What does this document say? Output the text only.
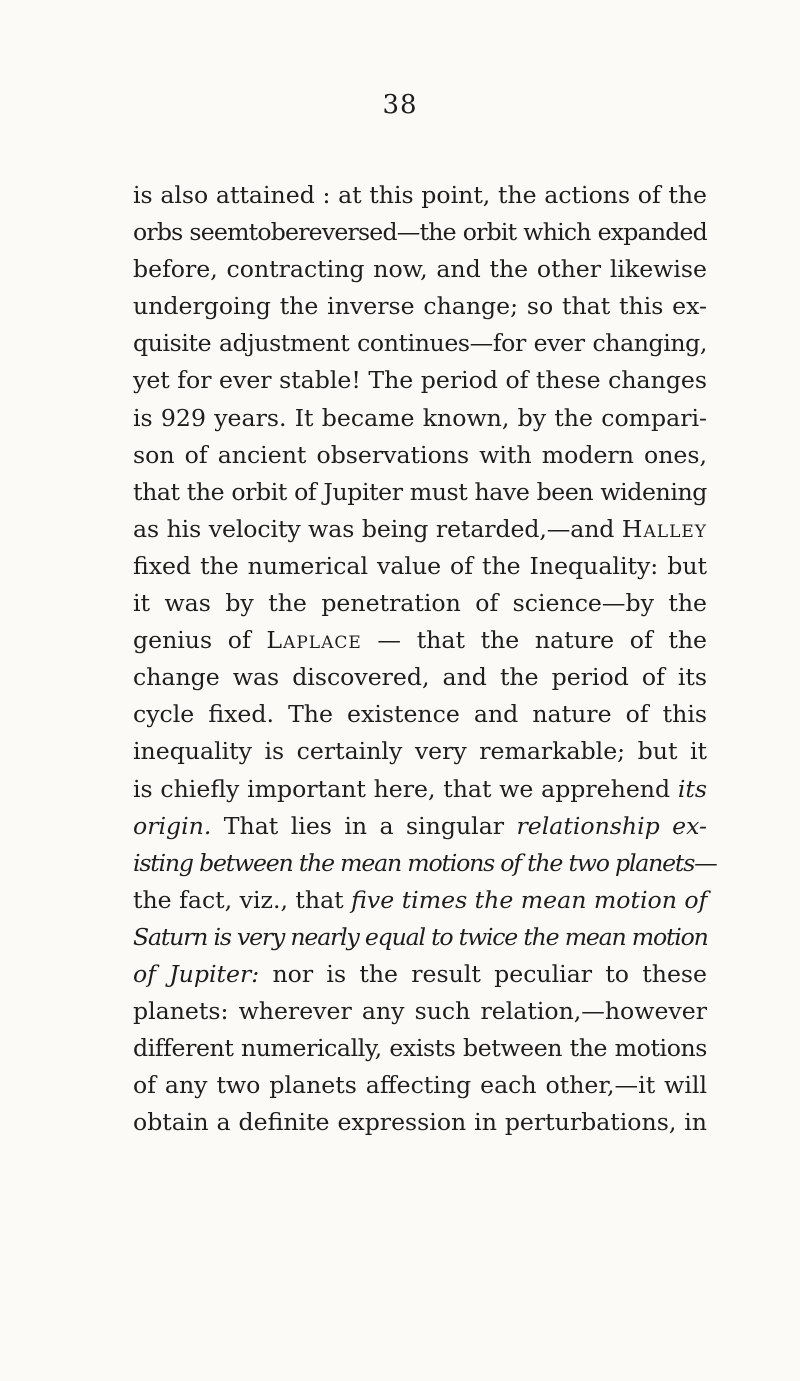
38
is also attained : at this point, the actions of the
orbs seemtobereversed—the orbit which expanded
before, contracting now, and the other likewise
undergoing the inverse change; so that this ex-
quisite adjustment continues—for ever changing,
yet for ever stable! The period of these changes
is 929 years. It became known, by the compari-
son of ancient observations with modern ones,
that the orbit of Jupiter must have been widening
as his velocity was being retarded,—and Halley
fixed the numerical value of the Inequality: but
it was by the penetration of science—by the
genius of Laplace — that the nature of the
change was discovered, and the period of its
cycle fixed. The existence and nature of this
inequality is certainly very remarkable; but it
is chiefly important here, that we apprehend its
origin. That lies in a singular relationship ex-
isting between the mean motions of the two planets—
the fact, viz., that five times the mean motion of
Saturn is very nearly equal to twice the mean motion
of Jupiter: nor is the result peculiar to these
planets: wherever any such relation,—however
different numerically, exists between the motions
of any two planets affecting each other,—it will
obtain a definite expression in perturbations, in
